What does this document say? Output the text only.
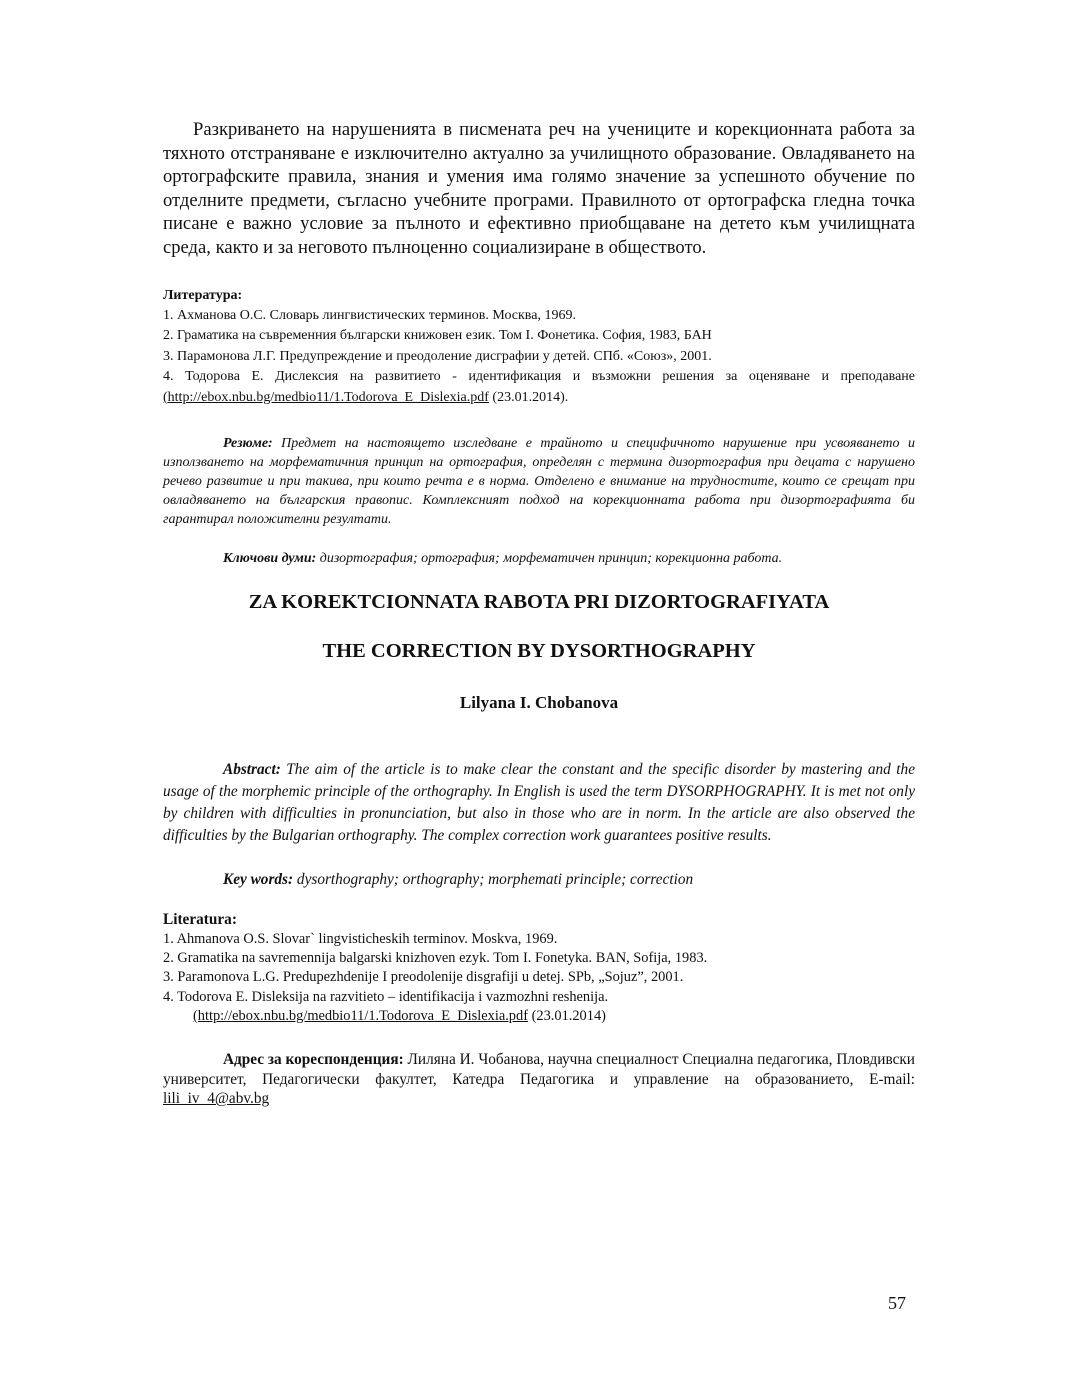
Разкриването на нарушенията в писмената реч на учениците и корекционната работа за тяхното отстраняване е изключително актуално за училищното образование. Овладяването на ортографските правила, знания и умения има голямо значение за успешното обучение по отделните предмети, съгласно учебните програми. Правилното от ортографска гледна точка писане е важно условие за пълното и ефективно приобщаване на детето към училищната среда, както и за неговото пълноценно социализиране в обществото.

Литература:
1. Ахманова О.С. Словарь лингвистических терминов. Москва, 1969.
2. Граматика на съвременния български книжовен език. Том I. Фонетика. София, 1983, БАН
3. Парамонова Л.Г. Предупреждение и преодоление дисграфии у детей. СПб. «Союз», 2001.
4. Тодорова Е. Дислексия на развитието - идентификация и възможни решения за оценяване и преподаване (http://ebox.nbu.bg/medbio11/1.Todorova_E_Dislexia.pdf (23.01.2014).

Резюме: Предмет на настоящето изследване е трайното и специфичното нарушение при усвояването и използването на морфематичния принцип на ортография, определян с термина дизортография при децата с нарушено речево развитие и при такива, при които речта е в норма. Отделено е внимание на трудностите, които се срещат при овладяването на българския правопис. Комплексният подход на корекционната работа при дизортографията би гарантирал положителни резултати.

Ключови думи: дизортография; ортография; морфематичен принцип; корекционна работа.

ZA KOREKTCIONNATA RABOTA PRI DIZORTOGRAFIYATA
THE CORRECTION BY DYSORTHOGRAPHY
Lilyana I. Chobanova

Abstract: The aim of the article is to make clear the constant and the specific disorder by mastering and the usage of the morphemic principle of the orthography. In English is used the term DYSORPHOGRAPHY. It is met not only by children with difficulties in pronunciation, but also in those who are in norm. In the article are also observed the difficulties by the Bulgarian orthography. The complex correction work guarantees positive results.

Key words: dysorthography; orthography; morphemati principle; correction

Literatura:
1. Ahmanova O.S. Slovar` lingvisticheskih terminov. Moskva, 1969.
2. Gramatika na savremennija balgarski knizhoven ezyk. Tom I. Fonetyka. BAN, Sofija, 1983.
3. Paramonova L.G. Predupezhdenije I preodolenije disgrafiji u detej. SPb, „Sojuz”, 2001.
4. Todorova E. Disleksija na razvitieto – identifikacija i vazmozhni reshenija.
(http://ebox.nbu.bg/medbio11/1.Todorova_E_Dislexia.pdf (23.01.2014)

Адрес за кореспонденция: Лиляна И. Чобанова, научна специалност Специална педагогика, Пловдивски университет, Педагогически факултет, Катедра Педагогика и управление на образованието, E-mail: lili_iv_4@abv.bg

57
